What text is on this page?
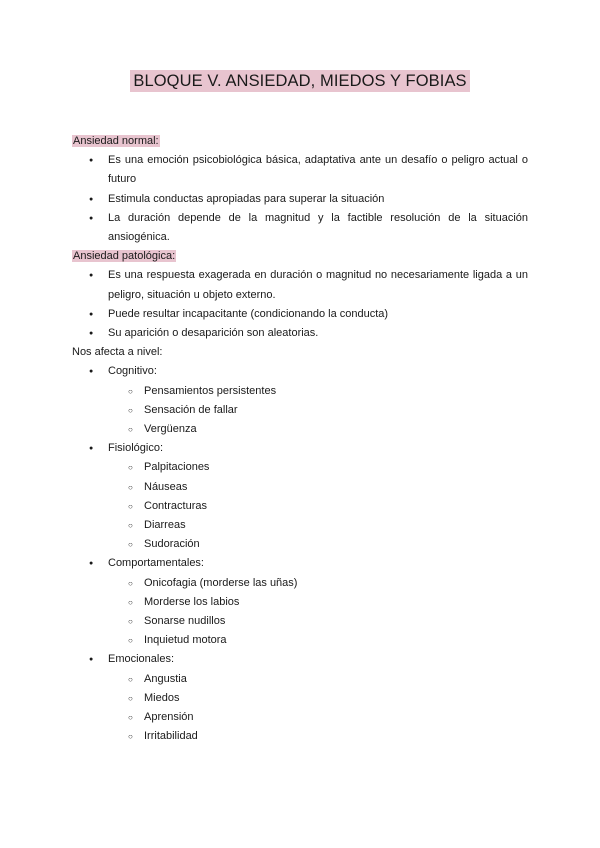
BLOQUE V. ANSIEDAD, MIEDOS Y FOBIAS
Ansiedad normal:
● Es una emoción psicobiológica básica, adaptativa ante un desafío o peligro actual o futuro
● Estimula conductas apropiadas para superar la situación
● La duración depende de la magnitud y la factible resolución de la situación ansiogénica.
Ansiedad patológica:
● Es una respuesta exagerada en duración o magnitud no necesariamente ligada a un peligro, situación u objeto externo.
● Puede resultar incapacitante (condicionando la conducta)
● Su aparición o desaparición son aleatorias.
Nos afecta a nivel:
● Cognitivo:
○ Pensamientos persistentes
○ Sensación de fallar
○ Vergüenza
● Fisiológico:
○ Palpitaciones
○ Náuseas
○ Contracturas
○ Diarreas
○ Sudoración
● Comportamentales:
○ Onicofagia (morderse las uñas)
○ Morderse los labios
○ Sonarse nudillos
○ Inquietud motora
● Emocionales:
○ Angustia
○ Miedos
○ Aprensión
○ Irritabilidad
